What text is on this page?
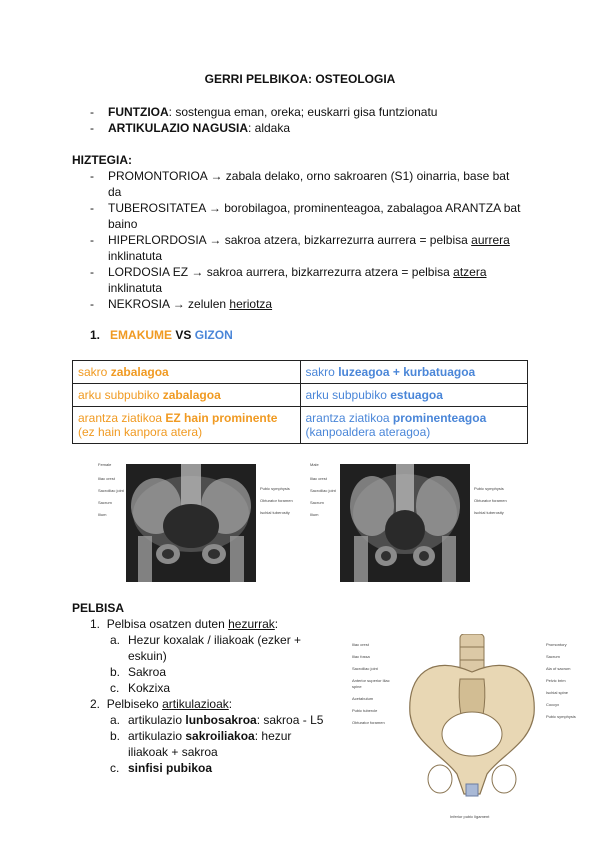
GERRI PELBIKOA: OSTEOLOGIA
- FUNTZIOA: sostengua eman, oreka; euskarri gisa funtzionatu
- ARTIKULAZIO NAGUSIA: aldaka
HIZTEGIA:
- PROMONTORIOA → zabala delako, orno sakroaren (S1) oinarria, base bat
da
- TUBEROSITATEA → borobilagoa, prominenteagoa, zabalagoa ARANTZA bat
baino
- HIPERLORDOSIA → sakroa atzera, bizkarrezurra aurrera = pelbisa aurrera
inklinatuta
- LORDOSIA EZ → sakroa aurrera, bizkarrezurra atzera = pelbisa atzera
inklinatuta
- NEKROSIA → zelulen heriotza
1. EMAKUME VS GIZON
sakro zabalagoa	sakro luzeagoa + kurbatuagoa
arku subpubiko zabalagoa	arku subpubiko estuagoa
arantza ziatikoa EZ hain prominente
(ez hain kanpora atera)	arantza ziatikoa prominenteagoa
(kanpoaldera ateragoa)
Female
Iliac crest

Sacroiliac joint

Sacrum

Ilium
Pubic symphysis

Obturator foramen

Ischial tuberosity
Male
Iliac crest

Sacroiliac joint

Sacrum

Ilium
Pubic symphysis

Obturator foramen

Ischial tuberosity
PELBISA
1. Pelbisa osatzen duten hezurrak:
a. Hezur koxalak / iliakoak (ezker +
eskuin)
b. Sakroa
c. Kokzixa
2. Pelbiseko artikulazioak:
a. artikulazio lunbosakroa: sakroa - L5
b. artikulazio sakroiliakoa: hezur
iliakoak + sakroa
c. sinfisi pubikoa
Iliac crest

Iliac fossa

Sacroiliac joint

Anterior superior iliac spine

Acetabulum

Pubic tubercle

Obturator foramen
Promontory

Sacrum

Ala of sacrum

Pelvic brim

Ischial spine

Coccyx

Pubic symphysis
Inferior pubic ligament
